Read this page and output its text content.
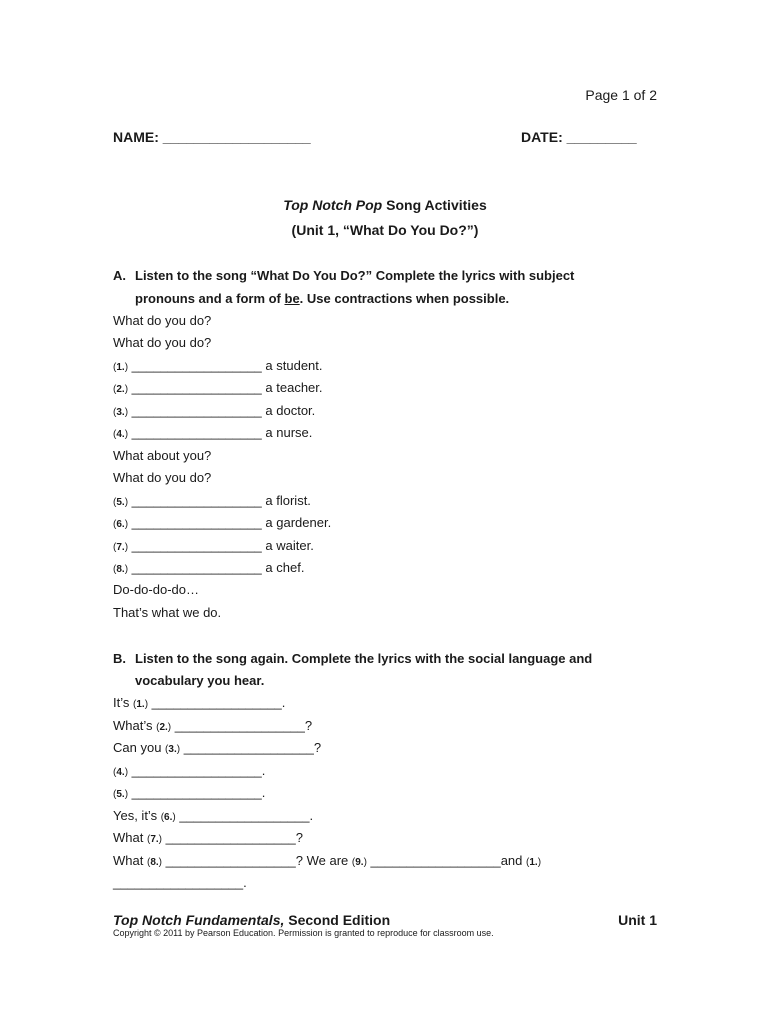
Page 1 of 2
NAME: ___________________	DATE: _________
Top Notch Pop Song Activities
(Unit 1, “What Do You Do?”)
A. Listen to the song “What Do You Do?” Complete the lyrics with subject
pronouns and a form of be. Use contractions when possible.
What do you do?
What do you do?
(1.) __________________ a student.
(2.) __________________ a teacher.
(3.) __________________ a doctor.
(4.) __________________ a nurse.
What about you?
What do you do?
(5.) __________________ a florist.
(6.) __________________ a gardener.
(7.) __________________ a waiter.
(8.) __________________ a chef.
Do-do-do-do…
That’s what we do.
B. Listen to the song again. Complete the lyrics with the social language and
vocabulary you hear.
It’s (1.) __________________.
What’s (2.) __________________?
Can you (3.) __________________?
(4.) __________________.
(5.) __________________.
Yes, it’s (6.) __________________.
What (7.) __________________?
What (8.) __________________? We are (9.) __________________and (1.)
__________________.
Top Notch Fundamentals, Second Edition	Unit 1
Copyright © 2011 by Pearson Education. Permission is granted to reproduce for classroom use.
